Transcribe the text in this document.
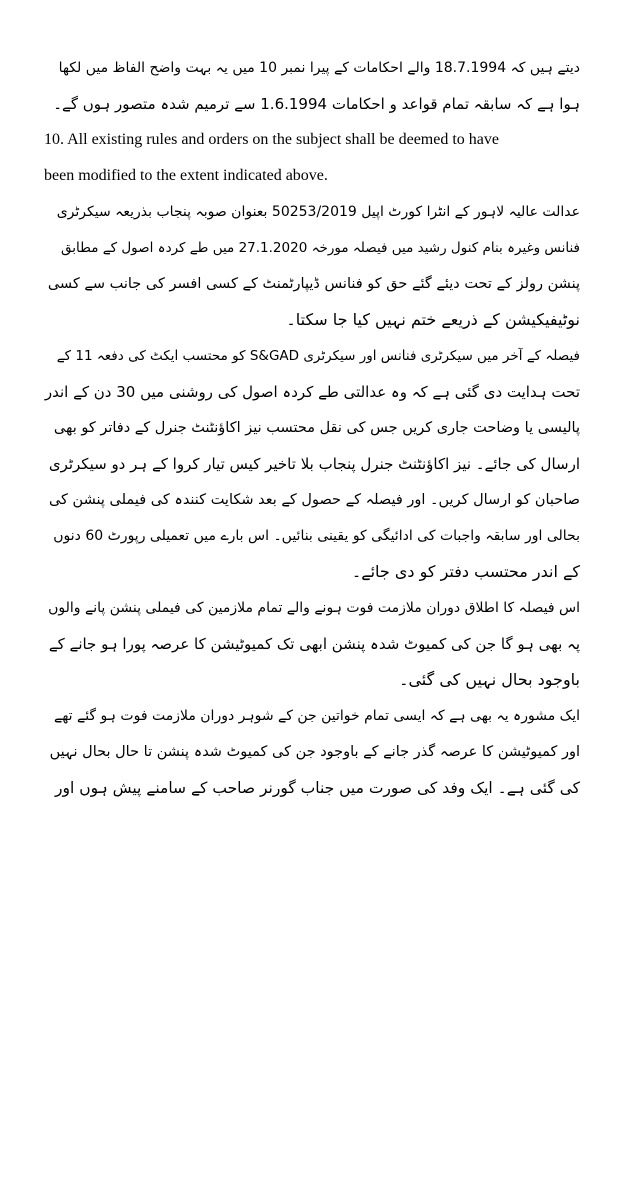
دیتے ہیں کہ 18.7.1994 والے احکامات کے پیرا نمبر 10 میں یہ بہت واضح الفاظ میں لکھا
ہوا ہے کہ سابقہ تمام قواعد و احکامات 1.6.1994 سے ترمیم شدہ متصور ہوں گے۔
10. All existing rules and orders on the subject shall be deemed to have
been modified to the extent indicated above.
عدالت عالیہ لاہور کے انٹرا کورٹ اپیل 50253/2019 بعنوان صوبہ پنجاب بذریعہ سیکرٹری
فنانس وغیرہ بنام کنول رشید میں فیصلہ مورخہ 27.1.2020 میں طے کردہ اصول کے مطابق
پنشن رولز کے تحت دیئے گئے حق کو فنانس ڈیپارٹمنٹ کے کسی افسر کی جانب سے کسی
نوٹیفیکیشن کے ذریعے ختم نہیں کیا جا سکتا۔
فیصلہ کے آخر میں سیکرٹری فنانس اور سیکرٹری S&GAD کو محتسب ایکٹ کی دفعہ 11 کے
تحت ہدایت دی گئی ہے کہ وہ عدالتی طے کردہ اصول کی روشنی میں 30 دن کے اندر
پالیسی یا وضاحت جاری کریں جس کی نقل محتسب نیز اکاؤنٹنٹ جنرل کے دفاتر کو بھی
ارسال کی جائے۔ نیز اکاؤنٹنٹ جنرل پنجاب بلا تاخیر کیس تیار کروا کے ہر دو سیکرٹری
صاحبان کو ارسال کریں۔ اور فیصلہ کے حصول کے بعد شکایت کنندہ کی فیملی پنشن کی
بحالی اور سابقہ واجبات کی ادائیگی کو یقینی بنائیں۔ اس بارے میں تعمیلی رپورٹ 60 دنوں
کے اندر محتسب دفتر کو دی جائے۔
اس فیصلہ کا اطلاق دوران ملازمت فوت ہونے والے تمام ملازمین کی فیملی پنشن پانے والوں
پہ بھی ہو گا جن کی کمیوٹ شدہ پنشن ابھی تک کمیوٹیشن کا عرصہ پورا ہو جانے کے
باوجود بحال نہیں کی گئی۔
ایک مشورہ یہ بھی ہے کہ ایسی تمام خواتین جن کے شوہر دوران ملازمت فوت ہو گئے تھے
اور کمیوٹیشن کا عرصہ گذر جانے کے باوجود جن کی کمیوٹ شدہ پنشن تا حال بحال نہیں
کی گئی ہے۔ ایک وفد کی صورت میں جناب گورنر صاحب کے سامنے پیش ہوں اور
